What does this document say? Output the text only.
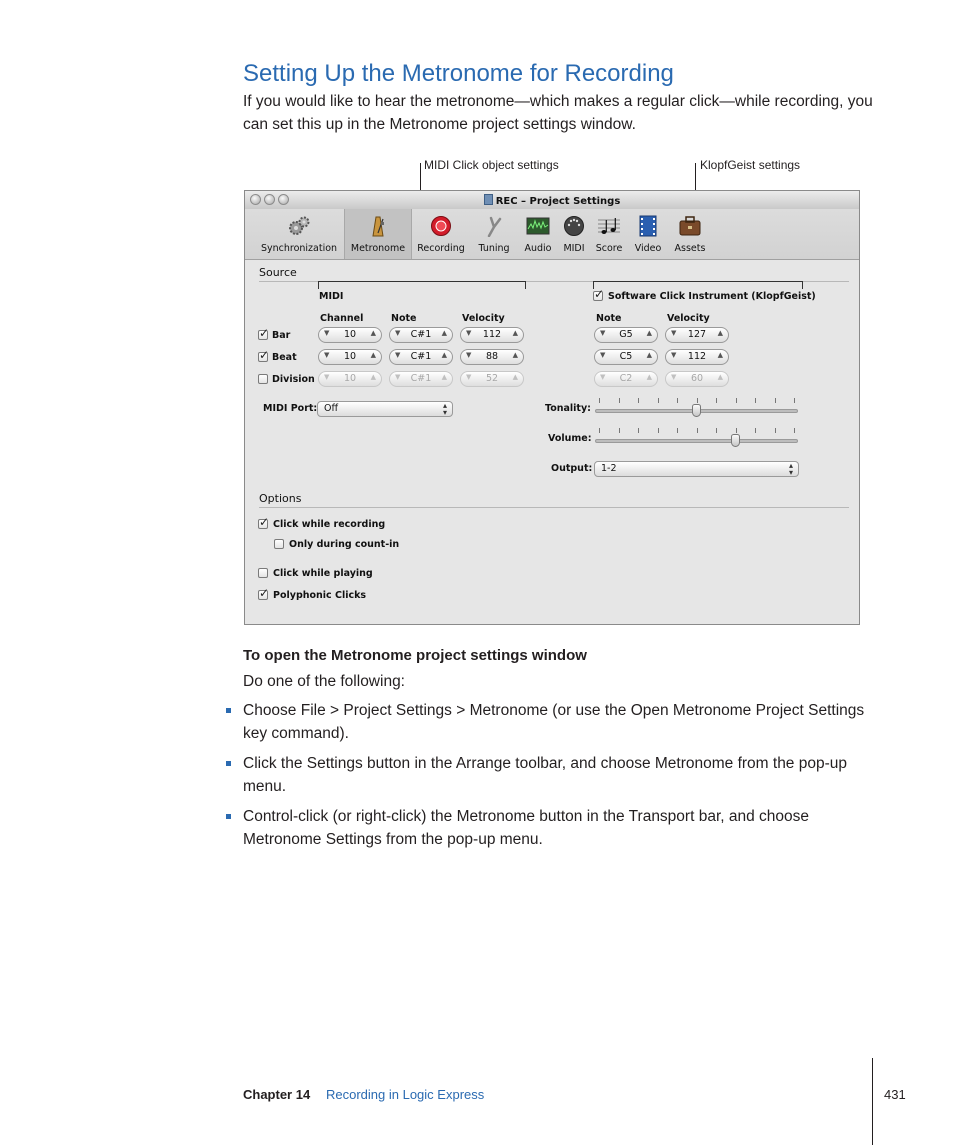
Setting Up the Metronome for Recording
If you would like to hear the metronome—which makes a regular click—while recording, you can set this up in the Metronome project settings window.
MIDI Click object settings	KlopfGeist settings
REC – Project Settings
Synchronization	Metronome	Recording	Tuning	Audio	MIDI	Score	Video	Assets
Source
MIDI	✓ Software Click Instrument (KlopfGeist)
Channel	Note	Velocity	Note	Velocity
✓ Bar	▼	10	▲	▼	C#1	▲	▼	112	▲	▼	G5	▲	▼	127	▲
✓ Beat	▼	10	▲	▼	C#1	▲	▼	88	▲	▼	C5	▲	▼	112	▲
Division ▼	10	▲	▼	C#1	▲	▼	52	▲	▼	C2	▲	▼	60	▲
MIDI Port: Off	▴
▾	Tonality:
Volume:
Output: 1-2	▴
▾
Options
✓ Click while recording
Only during count-in
Click while playing
✓ Polyphonic Clicks
To open the Metronome project settings window
Do one of the following:
Choose File > Project Settings > Metronome (or use the Open Metronome Project Settings key command).
Click the Settings button in the Arrange toolbar, and choose Metronome from the pop-up menu.
Control-click (or right-click) the Metronome button in the Transport bar, and choose Metronome Settings from the pop-up menu.
Chapter 14 Recording in Logic Express	431
